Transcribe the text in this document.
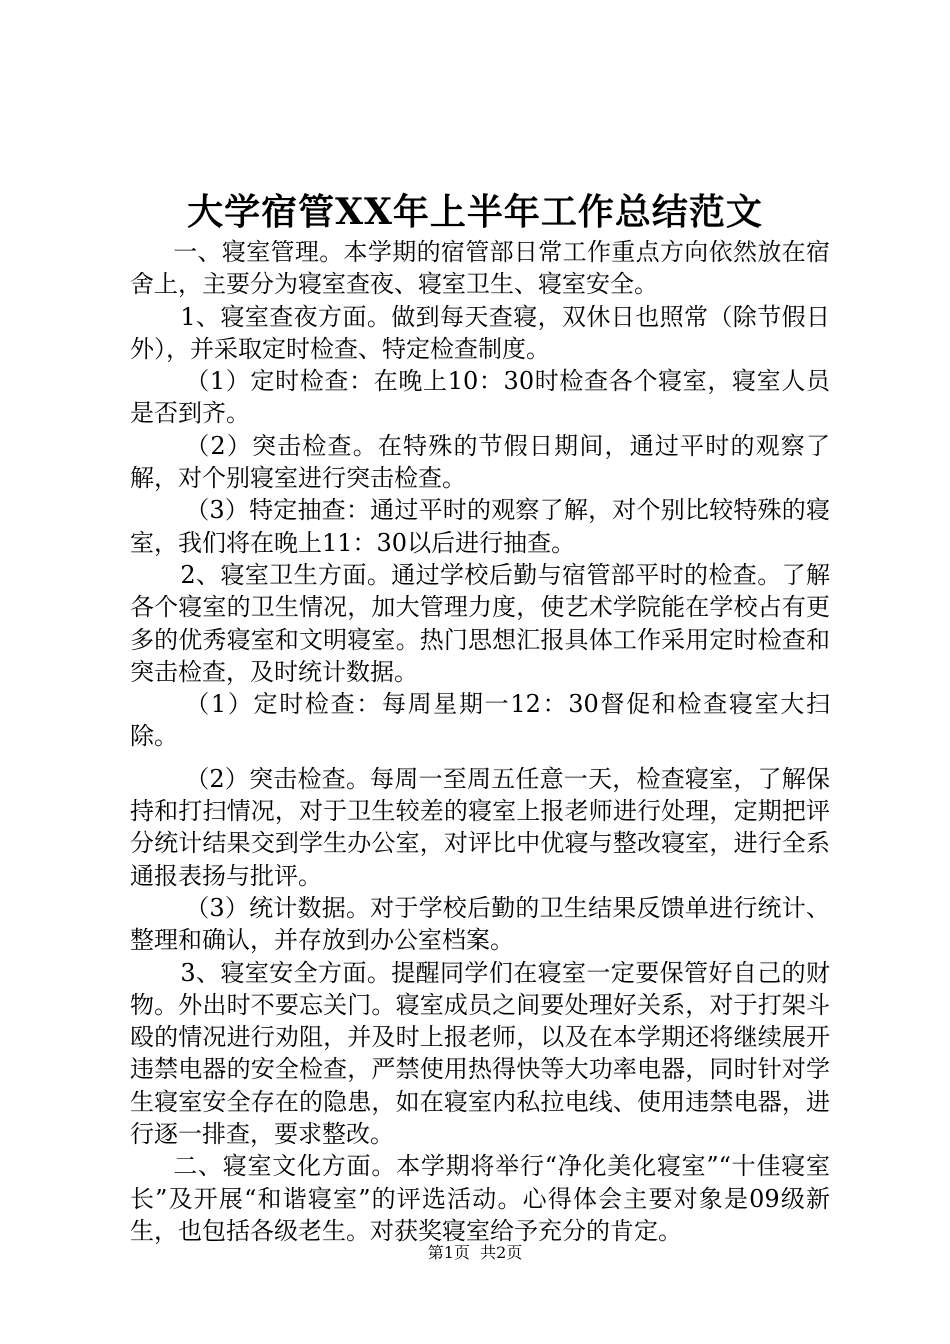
大学宿管XX年上半年工作总结范文

一、寝室管理。本学期的宿管部日常工作重点方向依然放在宿舍上，主要分为寝室查夜、寝室卫生、寝室安全。

1、寝室查夜方面。做到每天查寝，双休日也照常（除节假日外），并采取定时检查、特定检查制度。

（1）定时检查：在晚上10：30时检查各个寝室，寝室人员是否到齐。

（2）突击检查。在特殊的节假日期间，通过平时的观察了解，对个别寝室进行突击检查。

（3）特定抽查：通过平时的观察了解，对个别比较特殊的寝室，我们将在晚上11：30以后进行抽查。

2、寝室卫生方面。通过学校后勤与宿管部平时的检查。了解各个寝室的卫生情况，加大管理力度，使艺术学院能在学校占有更多的优秀寝室和文明寝室。热门思想汇报具体工作采用定时检查和突击检查，及时统计数据。

（1）定时检查：每周星期一12：30督促和检查寝室大扫除。

（2）突击检查。每周一至周五任意一天，检查寝室，了解保持和打扫情况，对于卫生较差的寝室上报老师进行处理，定期把评分统计结果交到学生办公室，对评比中优寝与整改寝室，进行全系通报表扬与批评。

（3）统计数据。对于学校后勤的卫生结果反馈单进行统计、整理和确认，并存放到办公室档案。

3、寝室安全方面。提醒同学们在寝室一定要保管好自己的财物。外出时不要忘关门。寝室成员之间要处理好关系，对于打架斗殴的情况进行劝阻，并及时上报老师，以及在本学期还将继续展开违禁电器的安全检查，严禁使用热得快等大功率电器，同时针对学生寝室安全存在的隐患，如在寝室内私拉电线、使用违禁电器，进行逐一排查，要求整改。

二、寝室文化方面。本学期将举行“净化美化寝室”“十佳寝室长”及开展“和谐寝室”的评选活动。心得体会主要对象是09级新生，也包括各级老生。对获奖寝室给予充分的肯定。

第1页  共2页
